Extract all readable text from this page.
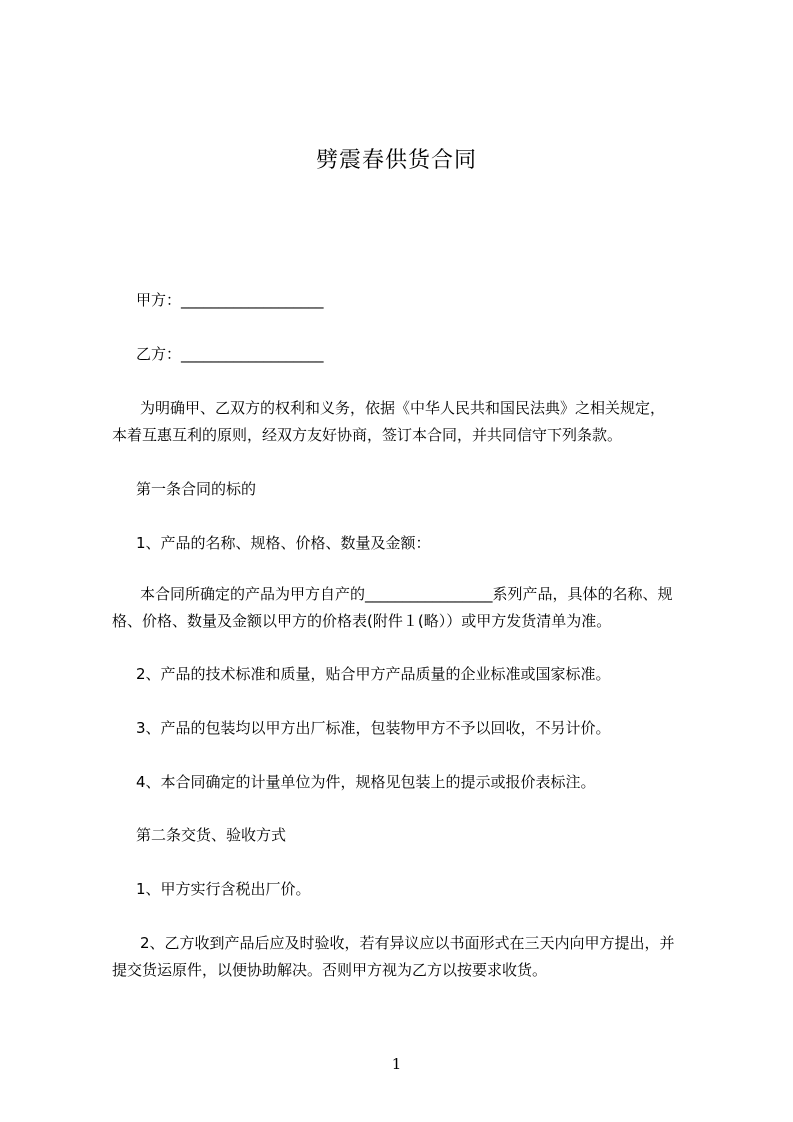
劈震春供货合同
甲方：___________________
乙方：___________________
为明确甲、乙双方的权利和义务，依据《中华人民共和国民法典》之相关规定，
本着互惠互利的原则，经双方友好协商，签订本合同，并共同信守下列条款。
第一条合同的标的
1、产品的名称、规格、价格、数量及金额：
本合同所确定的产品为甲方自产的_________________系列产品，具体的名称、规
格、价格、数量及金额以甲方的价格表(附件１(略））或甲方发货清单为准。
2、产品的技术标准和质量，贴合甲方产品质量的企业标准或国家标准。
3、产品的包装均以甲方出厂标准，包装物甲方不予以回收，不另计价。
4、本合同确定的计量单位为件，规格见包装上的提示或报价表标注。
第二条交货、验收方式
1、甲方实行含税出厂价。
2、乙方收到产品后应及时验收，若有异议应以书面形式在三天内向甲方提出，并
提交货运原件，以便协助解决。否则甲方视为乙方以按要求收货。
1
